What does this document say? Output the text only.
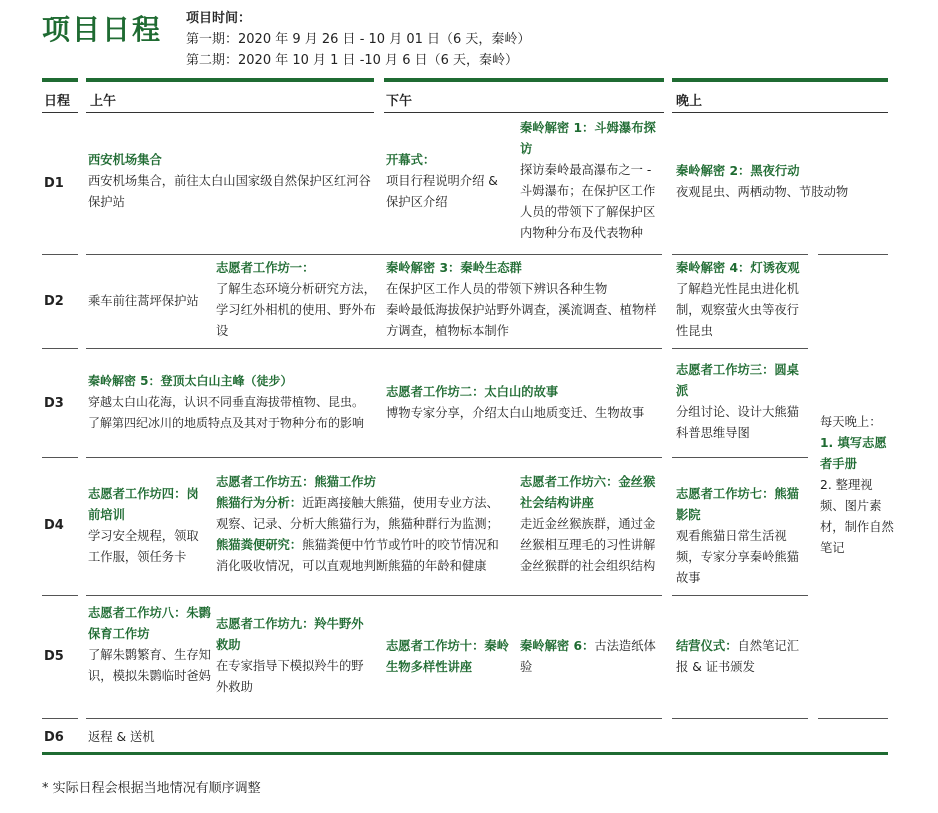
项目日程 项目时间：
第一期：2020 年 9 月 26 日 - 10 月 01 日（6 天，秦岭）
第二期：2020 年 10 月 1 日 -10 月 6 日（6 天，秦岭）
日程 上午	下午	晚上
D1
D2
D3
D4
D5
D6
西安机场集合
西安机场集合，前往太白山国家级自然保护区红河谷保护站
开幕式：
项目行程说明介绍 & 保护区介绍
秦岭解密 1：斗姆瀑布探访
探访秦岭最高瀑布之一 - 斗姆瀑布；在保护区工作人员的带领下了解保护区内物种分布及代表物种
秦岭解密 2：黑夜行动
夜观昆虫、两栖动物、节肢动物
乘车前往蒿坪保护站
志愿者工作坊一：
了解生态环境分析研究方法，学习红外相机的使用、野外布设
秦岭解密 3：秦岭生态群
在保护区工作人员的带领下辨识各种生物
秦岭最低海拔保护站野外调查，溪流调查、植物样方调查，植物标本制作
秦岭解密 4：灯诱夜观
了解趋光性昆虫进化机制，观察萤火虫等夜行性昆虫
秦岭解密 5：登顶太白山主峰（徒步）
穿越太白山花海，认识不同垂直海拔带植物、昆虫。
了解第四纪冰川的地质特点及其对于物种分布的影响
志愿者工作坊二：太白山的故事
博物专家分享，介绍太白山地质变迁、生物故事
志愿者工作坊三：圆桌派
分组讨论、设计大熊猫科普思维导图
志愿者工作坊四：岗前培训
学习安全规程，领取工作服，领任务卡
志愿者工作坊五：熊猫工作坊
熊猫行为分析：近距离接触大熊猫，使用专业方法、观察、记录、分析大熊猫行为，熊猫种群行为监测；
熊猫粪便研究：熊猫粪便中竹节或竹叶的咬节情况和消化吸收情况，可以直观地判断熊猫的年龄和健康
志愿者工作坊六：金丝猴社会结构讲座
走近金丝猴族群，通过金丝猴相互理毛的习性讲解金丝猴群的社会组织结构
志愿者工作坊七：熊猫影院
观看熊猫日常生活视频，专家分享秦岭熊猫故事
每天晚上：
1. 填写志愿者手册
2. 整理视频、图片素材，制作自然笔记
志愿者工作坊八：朱鹮保育工作坊
了解朱鹮繁育、生存知识，模拟朱鹮临时爸妈
志愿者工作坊九：羚牛野外救助
在专家指导下模拟羚牛的野外救助
志愿者工作坊十：秦岭生物多样性讲座
秦岭解密 6：古法造纸体验
结营仪式：自然笔记汇报 & 证书颁发
返程 & 送机
* 实际日程会根据当地情况有顺序调整
